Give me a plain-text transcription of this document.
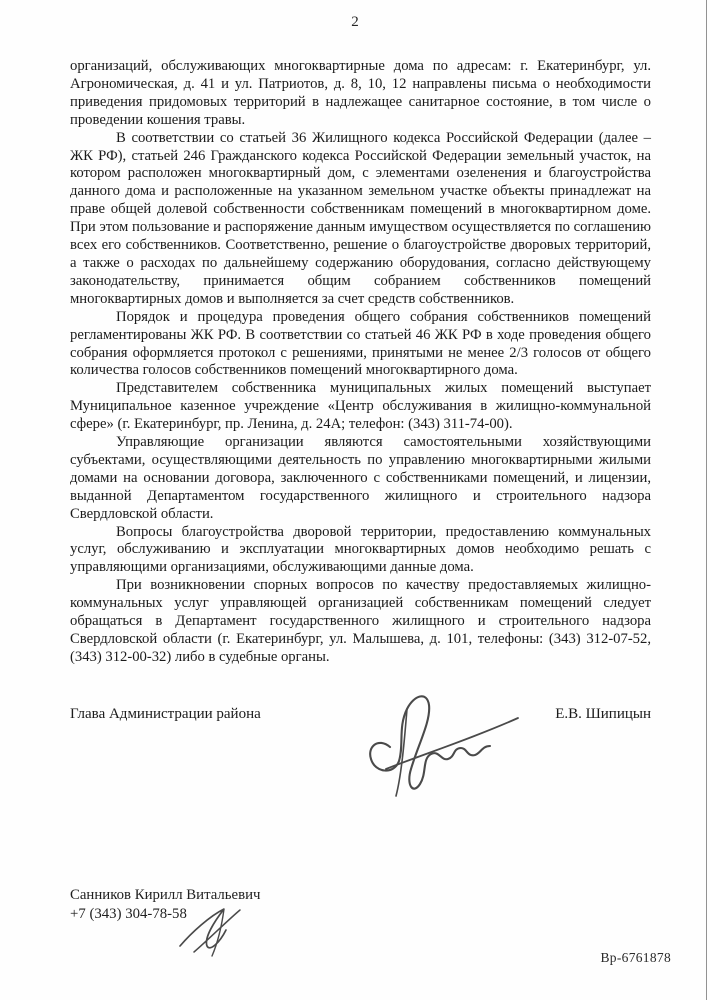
2

организаций, обслуживающих многоквартирные дома по адресам: г. Екатеринбург, ул. Агрономическая, д. 41 и ул. Патриотов, д. 8, 10, 12 направлены письма о необходимости приведения придомовых территорий в надлежащее санитарное состояние, в том числе о проведении кошения травы.

В соответствии со статьей 36 Жилищного кодекса Российской Федерации (далее – ЖК РФ), статьей 246 Гражданского кодекса Российской Федерации земельный участок, на котором расположен многоквартирный дом, с элементами озеленения и благоустройства данного дома и расположенные на указанном земельном участке объекты принадлежат на праве общей долевой собственности собственникам помещений в многоквартирном доме. При этом пользование и распоряжение данным имуществом осуществляется по соглашению всех его собственников. Соответственно, решение о благоустройстве дворовых территорий, а также о расходах по дальнейшему содержанию оборудования, согласно действующему законодательству, принимается общим собранием собственников помещений многоквартирных домов и выполняется за счет средств собственников.

Порядок и процедура проведения общего собрания собственников помещений регламентированы ЖК РФ. В соответствии со статьей 46 ЖК РФ в ходе проведения общего собрания оформляется протокол с решениями, принятыми не менее 2/3 голосов от общего количества голосов собственников помещений многоквартирного дома.

Представителем собственника муниципальных жилых помещений выступает Муниципальное казенное учреждение «Центр обслуживания в жилищно-коммунальной сфере» (г. Екатеринбург, пр. Ленина, д. 24А; телефон: (343) 311-74-00).

Управляющие организации являются самостоятельными хозяйствующими субъектами, осуществляющими деятельность по управлению многоквартирными жилыми домами на основании договора, заключенного с собственниками помещений, и лицензии, выданной Департаментом государственного жилищного и строительного надзора Свердловской области.

Вопросы благоустройства дворовой территории, предоставлению коммунальных услуг, обслуживанию и эксплуатации многоквартирных домов необходимо решать с управляющими организациями, обслуживающими данные дома.

При возникновении спорных вопросов по качеству предоставляемых жилищно-коммунальных услуг управляющей организацией собственникам помещений следует обращаться в Департамент государственного жилищного и строительного надзора Свердловской области (г. Екатеринбург, ул. Малышева, д. 101, телефоны: (343) 312-07-52, (343) 312-00-32) либо в судебные органы.

Глава Администрации района	Е.В. Шипицын
Санников Кирилл Витальевич
+7 (343) 304-78-58
Вр-6761878
